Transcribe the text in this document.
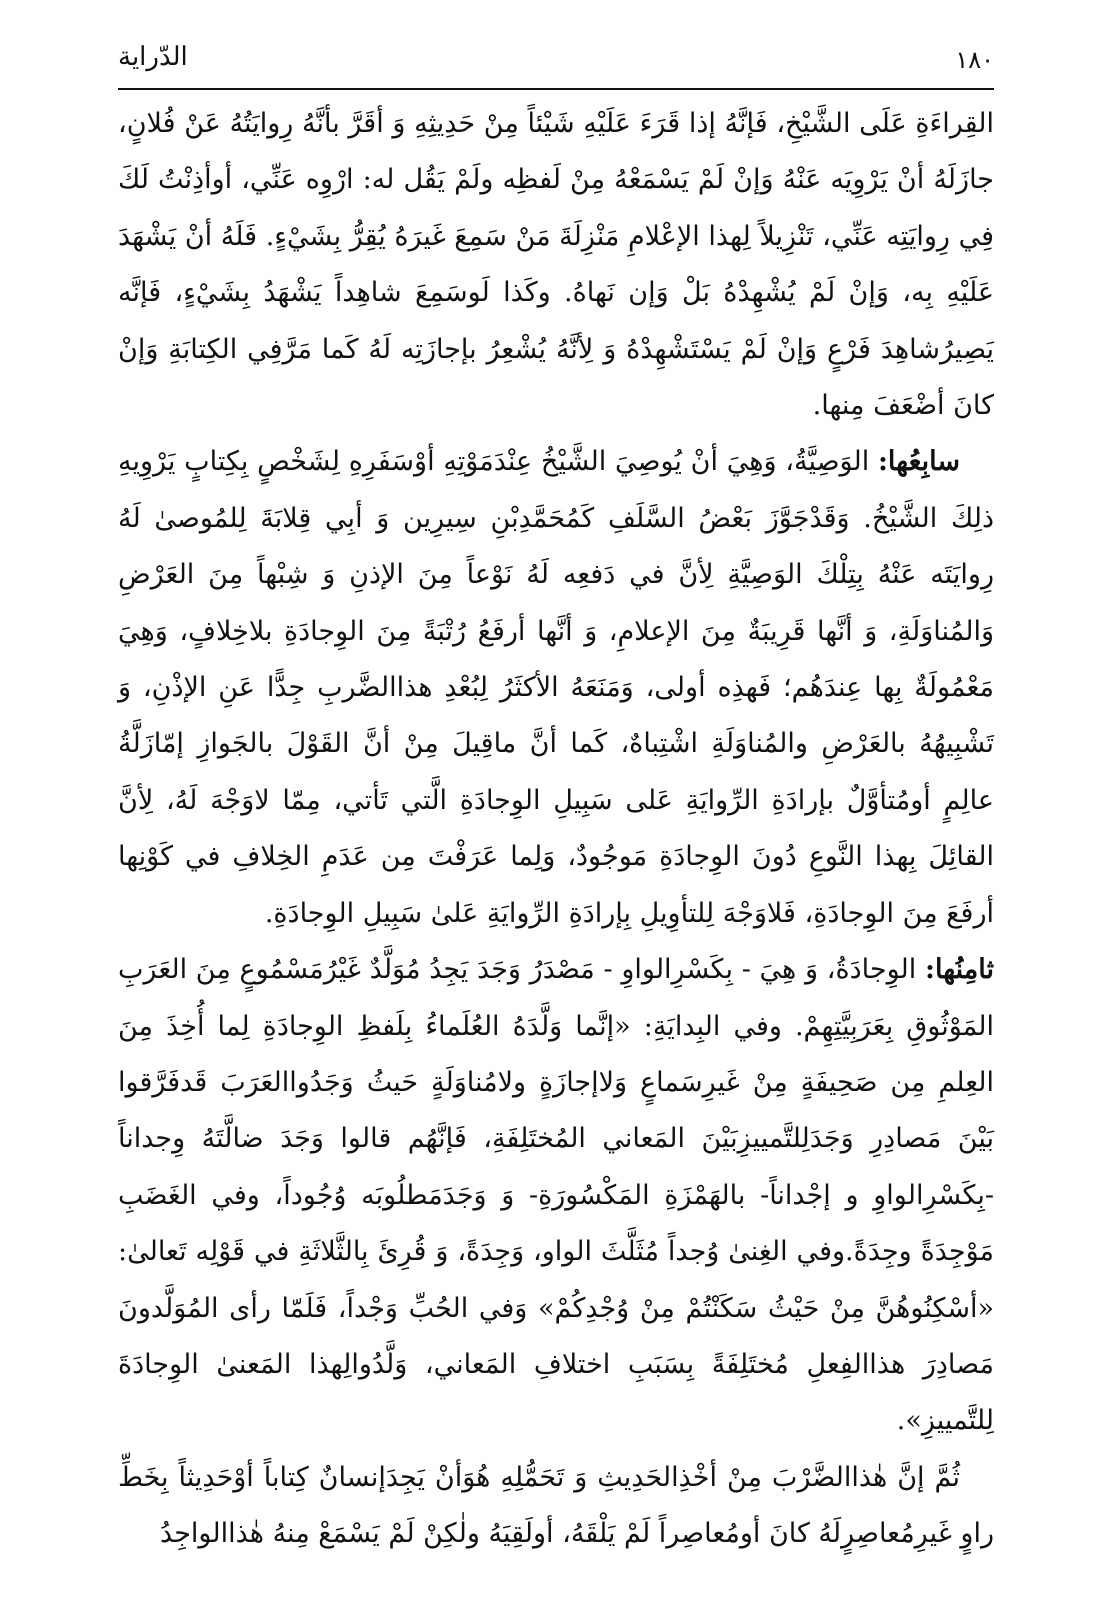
١٨٠
الدّراية

القِراءَةِ عَلَى الشَّيْخِ، فَإنَّهُ إذا قَرَءَ عَلَيْهِ شَيْئاً مِنْ حَدِيثِهِ وَ أقَرَّ بأنَّهُ رِوايَتُهُ عَنْ فُلانٍ، جازَلَهُ أنْ يَرْوِيَه عَنْهُ وَإنْ لَمْ يَسْمَعْهُ مِنْ لَفظِه ولَمْ يَقُل له: ارْوِه عَنِّي، أوأذِنْتُ لَكَ فِي رِوايَتِه عَنِّي، تَنْزِيلاً لِهذا الإعْلامِ مَنْزِلَةَ مَنْ سَمِعَ غَيرَهُ يُقِرُّ بِشَيْءٍ. فَلَهُ أنْ يَشْهَدَ عَلَيْهِ بِه، وَإنْ لَمْ يُشْهِدْهُ بَلْ وَإن نَهاهُ. وكَذا لَوسَمِعَ شاهِداً يَشْهَدُ بِشَيْءٍ، فَإنَّه يَصِيرُشاهِدَ فَرْعٍ وَإنْ لَمْ يَسْتَشْهِدْهُ وَ لِأنَّهُ يُشْعِرُ بإجازَتِه لَهُ كَما مَرَّفِي الكِتابَةِ وَإنْ كانَ أضْعَفَ مِنها.

سابِعُها: الوَصِيَّةُ، وَهِيَ أنْ يُوصِيَ الشَّيْخُ عِنْدَمَوْتِهِ أوْسَفَرِهِ لِشَخْصٍ بِكِتابٍ يَرْوِيهِ ذلِكَ الشَّيْخُ. وَقَدْجَوَّزَ بَعْضُ السَّلَفِ كَمُحَمَّدِبْنِ سِيرِين وَ أبِي قِلابَةَ لِلمُوصىٰ لَهُ رِوايَتَه عَنْهُ بِتِلْكَ الوَصِيَّةِ لِأنَّ في دَفعِه لَهُ نَوْعاً مِنَ الإذنِ وَ شِبْهاً مِنَ العَرْضِ وَالمُناوَلَةِ، وَ أنَّها قَرِيبَةٌ مِنَ الإعلامِ، وَ أنَّها أرفَعُ رُتْبَةً مِنَ الوِجادَةِ بلاخِلافٍ، وَهِيَ مَعْمُولَةٌ بِها عِندَهُم؛ فَهذِه أولى، وَمَنَعَهُ الأكثَرُ لِبُعْدِ هذاالضَّربِ جِدًّا عَنِ الإذْنِ، وَ تَشْبِيهُهُ بالعَرْضِ والمُناوَلَةِ اشْتِباهٌ، كَما أنَّ ماقِيلَ مِنْ أنَّ القَوْلَ بالجَوازِ إمّازَلَّةُ عالِمٍ أومُتأوَّلٌ بإرادَةِ الرِّوايَةِ عَلى سَبِيلِ الوِجادَةِ الَّتي تَأتي، مِمّا لاوَجْهَ لَهُ، لِأنَّ القائِلَ بِهذا النَّوعِ دُونَ الوِجادَةِ مَوجُودٌ، وَلِما عَرَفْتَ مِن عَدَمِ الخِلافِ في كَوْنِها أرفَعَ مِنَ الوِجادَةِ، فَلاوَجْهَ لِلتأوِيلِ بِإرادَةِ الرِّوايَةِ عَلىٰ سَبِيلِ الوِجادَةِ.

ثامِنُها: الوِجادَةُ، وَ هِيَ - بِكَسْرِالواوِ - مَصْدَرُ وَجَدَ يَجِدُ مُوَلَّدٌ غَيْرُمَسْمُوعٍ مِنَ العَرَبِ المَوْثُوقِ بِعَرَبِيَّتِهِمْ. وفي البِدايَةِ: «إنَّما وَلَّدَهُ العُلَماءُ بِلَفظِ الوِجادَةِ لِما أُخِذَ مِنَ العِلمِ مِن صَحِيفَةٍ مِنْ غَيرِسَماعٍ وَلاإجازَةٍ ولامُناوَلَةٍ حَيثُ وَجَدُواالعَرَبَ قَدفَرَّقوا بَيْنَ مَصادِرِ وَجَدَلِلتَّمييزِبَيْنَ المَعاني المُختَلِفَةِ، فَإنَّهُم قالوا وَجَدَ ضالَّتَهُ وِجداناً -بِكَسْرِالواوِ و إجْداناً- بالهَمْزَةِ المَكْسُورَةِ- وَ وَجَدَمَطلُوبَه وُجُوداً، وفي الغَضَبِ مَوْجِدَةً وجِدَةً.وفي الغِنىٰ وُجداً مُثَلَّثَ الواو، وَجِدَةً، وَ قُرِئَ بِالثَّلاثَةِ في قَوْلِه تَعالىٰ: «أسْكِنُوهُنَّ مِنْ حَيْثُ سَكَنْتُمْ مِنْ وُجْدِكُمْ» وَفي الحُبِّ وَجْداً، فَلَمّا رأى المُوَلَّدونَ مَصادِرَ هذاالفِعلِ مُختَلِفَةً بِسَبَبِ اختلافِ المَعاني، وَلَّدُوالِهذا المَعنىٰ الوِجادَةَ لِلتَّمييزِ».

ثُمَّ إنَّ هٰذاالضَّرْبَ مِنْ أخْذِالحَدِيثِ وَ تَحَمُّلِهِ هُوَأنْ يَجِدَإنسانٌ كِتاباً أوْحَدِيثاً بِخَطِّ راوٍ غَيرِمُعاصِرٍلَهُ كانَ أومُعاصِراً لَمْ يَلْقَهُ، أولَقِيَهُ ولٰكِنْ لَمْ يَسْمَعْ مِنهُ هٰذاالواجِدُ
